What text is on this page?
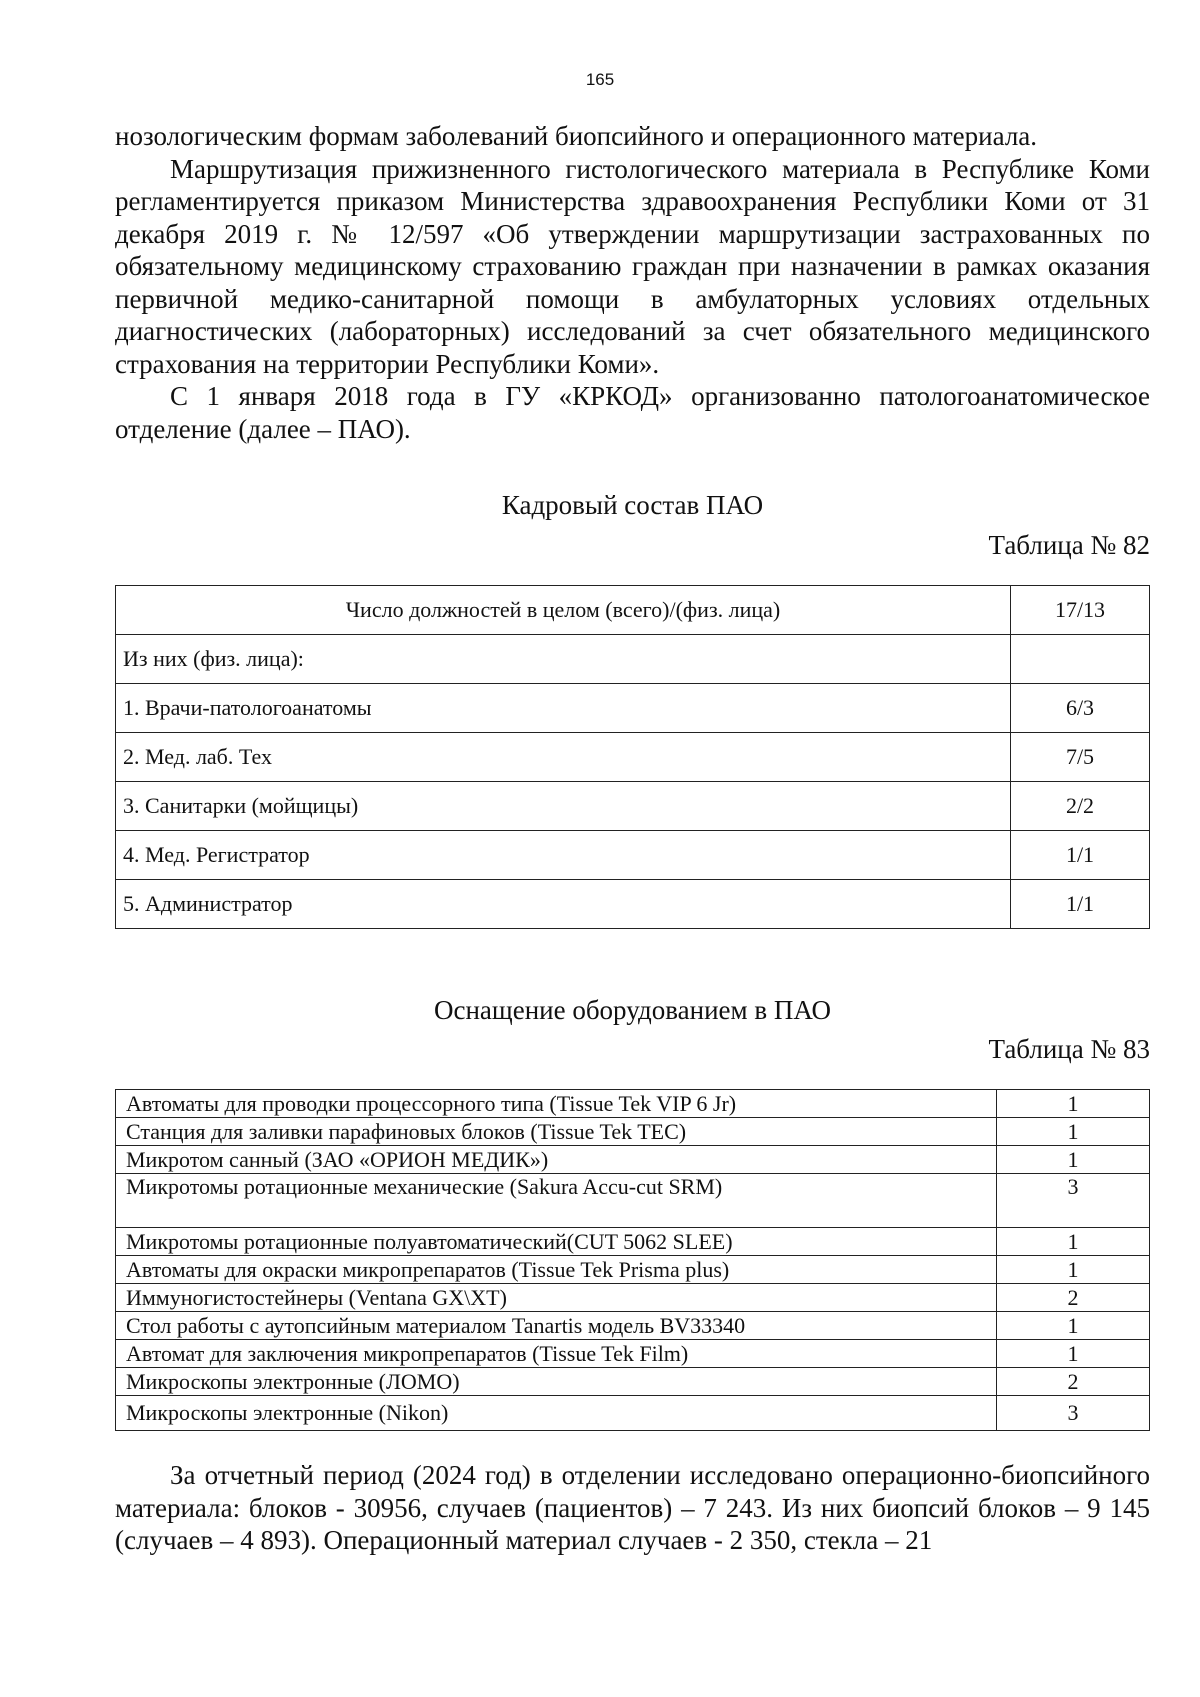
165

нозологическим формам заболеваний биопсийного и операционного материала.

Маршрутизация прижизненного гистологического материала в Республике Коми регламентируется приказом Министерства здравоохранения Республики Коми от 31 декабря 2019 г. № 12/597 «Об утверждении маршрутизации застрахованных по обязательному медицинскому страхованию граждан при назначении в рамках оказания первичной медико-санитарной помощи в амбулаторных условиях отдельных диагностических (лабораторных) исследований за счет обязательного медицинского страхования на территории Республики Коми».

С 1 января 2018 года в ГУ «КРКОД» организованно патологоанатомическое отделение (далее – ПАО).

Кадровый состав ПАО
Таблица № 82
Число должностей в целом (всего)/(физ. лица)	17/13
Из них (физ. лица):	
1. Врачи-патологоанатомы	6/3
2. Мед. лаб. Тех	7/5
3. Санитарки (мойщицы)	2/2
4. Мед. Регистратор	1/1
5. Администратор	1/1
Оснащение оборудованием в ПАО
Таблица № 83
Автоматы для проводки процессорного типа (Tissue Tek VIP 6 Jr)	1
Станция для заливки парафиновых блоков (Tissue Tek TEC)	1
Микротом санный (ЗАО «ОРИОН МЕДИК»)	1
Микротомы ротационные механические (Sakura Accu-cut SRM)	3
Микротомы ротационные полуавтоматический(CUT 5062 SLEE)	1
Автоматы для окраски микропрепаратов (Tissue Tek Prisma plus)	1
Иммуногистостейнеры (Ventana GX\XT)	2
Стол работы с аутопсийным материалом Tanartis модель BV33340	1
Автомат для заключения микропрепаратов (Tissue Tek Film)	1
Микроскопы электронные (ЛОМО)	2
Микроскопы электронные (Nikon)	3

За отчетный период (2024 год) в отделении исследовано операционно-биопсийного материала: блоков - 30956, случаев (пациентов) – 7 243. Из них биопсий блоков – 9 145 (случаев – 4 893). Операционный материал случаев - 2 350, стекла – 21
